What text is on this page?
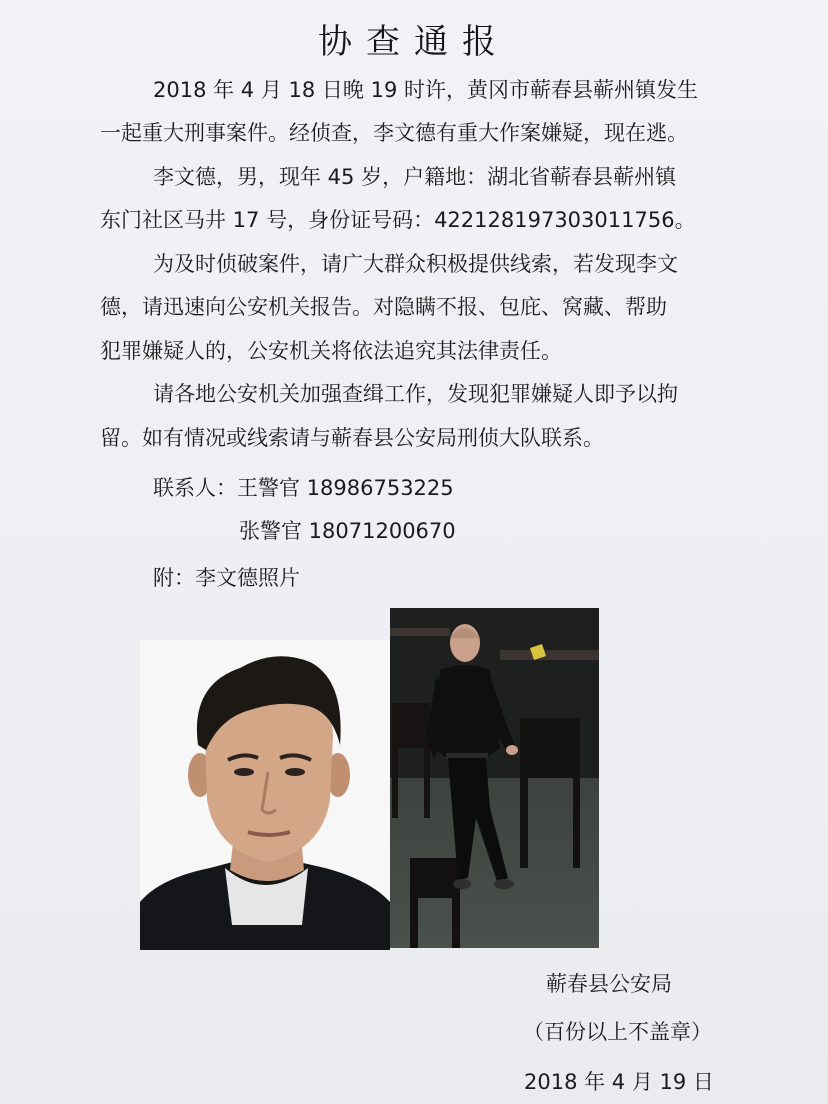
协查通报
2018 年 4 月 18 日晚 19 时许，黄冈市蕲春县蕲州镇发生
一起重大刑事案件。经侦查，李文德有重大作案嫌疑，现在逃。
李文德，男，现年 45 岁，户籍地：湖北省蕲春县蕲州镇
东门社区马井 17 号，身份证号码：422128197303011756。
为及时侦破案件，请广大群众积极提供线索，若发现李文
德，请迅速向公安机关报告。对隐瞒不报、包庇、窝藏、帮助
犯罪嫌疑人的，公安机关将依法追究其法律责任。
请各地公安机关加强查缉工作，发现犯罪嫌疑人即予以拘
留。如有情况或线索请与蕲春县公安局刑侦大队联系。
联系人：王警官 18986753225
张警官 18071200670
附：李文德照片
蕲春县公安局
（百份以上不盖章）
2018 年 4 月 19 日
